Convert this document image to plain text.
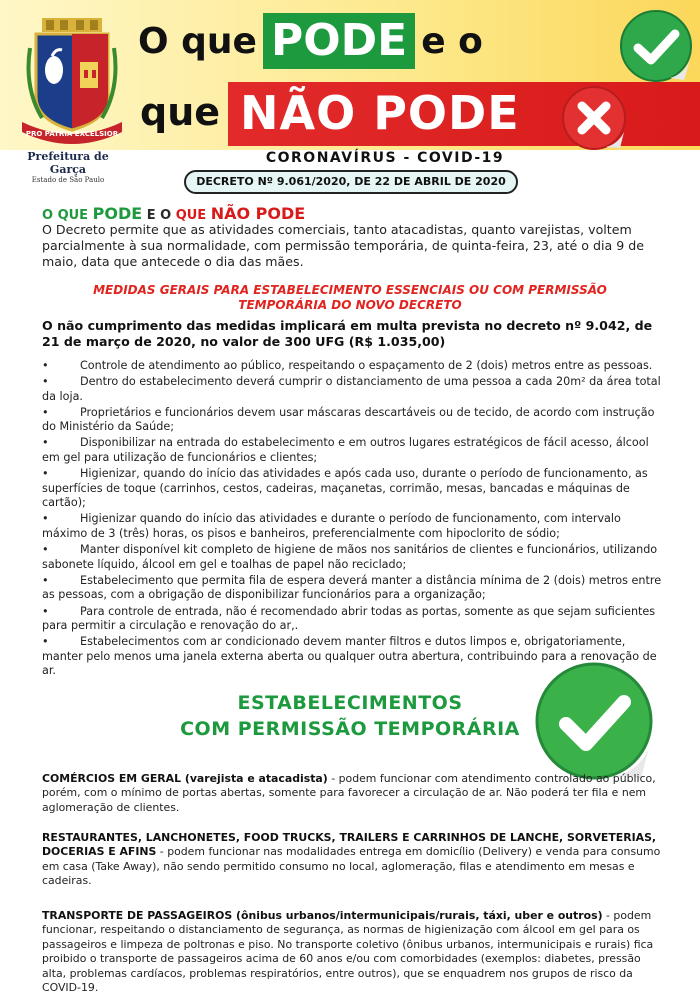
PRO PATRIA EXCELSIOR
Prefeitura de Garça
Estado de São Paulo
O que PODE e o
que NÃO PODE
CORONAVÍRUS - COVID-19
DECRETO Nº 9.061/2020, DE 22 DE ABRIL DE 2020
O QUE PODE E O QUE NÃO PODE
O Decreto permite que as atividades comerciais, tanto atacadistas, quanto varejistas, voltem parcialmente à sua normalidade, com permissão temporária, de quinta-feira, 23, até o dia 9 de maio, data que antecede o dia das mães.
MEDIDAS GERAIS PARA ESTABELECIMENTO ESSENCIAIS OU COM PERMISSÃO TEMPORÁRIA DO NOVO DECRETO
O não cumprimento das medidas implicará em multa prevista no decreto nº 9.042, de 21 de março de 2020, no valor de 300 UFG (R$ 1.035,00)
•	Controle de atendimento ao público, respeitando o espaçamento de 2 (dois) metros entre as pessoas.
•	Dentro do estabelecimento deverá cumprir o distanciamento de uma pessoa a cada 20m² da área total da loja.
•	Proprietários e funcionários devem usar máscaras descartáveis ou de tecido, de acordo com instrução do Ministério da Saúde;
•	Disponibilizar na entrada do estabelecimento e em outros lugares estratégicos de fácil acesso, álcool em gel para utilização de funcionários e clientes;
•	Higienizar, quando do início das atividades e após cada uso, durante o período de funcionamento, as superfícies de toque (carrinhos, cestos, cadeiras, maçanetas, corrimão, mesas, bancadas e máquinas de cartão);
•	Higienizar quando do início das atividades e durante o período de funcionamento, com intervalo máximo de 3 (três) horas, os pisos e banheiros, preferencialmente com hipoclorito de sódio;
•	Manter disponível kit completo de higiene de mãos nos sanitários de clientes e funcionários, utilizando sabonete líquido, álcool em gel e toalhas de papel não reciclado;
•	Estabelecimento que permita fila de espera deverá manter a distância mínima de 2 (dois) metros entre as pessoas, com a obrigação de disponibilizar funcionários para a organização;
•	Para controle de entrada, não é recomendado abrir todas as portas, somente as que sejam suficientes para permitir a circulação e renovação do ar,.
•	Estabelecimentos com ar condicionado devem manter filtros e dutos limpos e, obrigatoriamente, manter pelo menos uma janela externa aberta ou qualquer outra abertura, contribuindo para a renovação de ar.
ESTABELECIMENTOS
COM PERMISSÃO TEMPORÁRIA
COMÉRCIOS EM GERAL (varejista e atacadista) - podem funcionar com atendimento controlado ao público, porém, com o mínimo de portas abertas, somente para favorecer a circulação de ar. Não poderá ter fila e nem aglomeração de clientes.
RESTAURANTES, LANCHONETES, FOOD TRUCKS, TRAILERS E CARRINHOS DE LANCHE, SORVETERIAS, DOCERIAS E AFINS - podem funcionar nas modalidades entrega em domicílio (Delivery) e venda para consumo em casa (Take Away), não sendo permitido consumo no local, aglomeração, filas e atendimento em mesas e cadeiras.
TRANSPORTE DE PASSAGEIROS (ônibus urbanos/intermunicipais/rurais, táxi, uber e outros) - podem funcionar, respeitando o distanciamento de segurança, as normas de higienização com álcool em gel para os passageiros e limpeza de poltronas e piso. No transporte coletivo (ônibus urbanos, intermunicipais e rurais) fica proibido o transporte de passageiros acima de 60 anos e/ou com comorbidades (exemplos: diabetes, pressão alta, problemas cardíacos, problemas respiratórios, entre outros), que se enquadrem nos grupos de risco da COVID-19.
